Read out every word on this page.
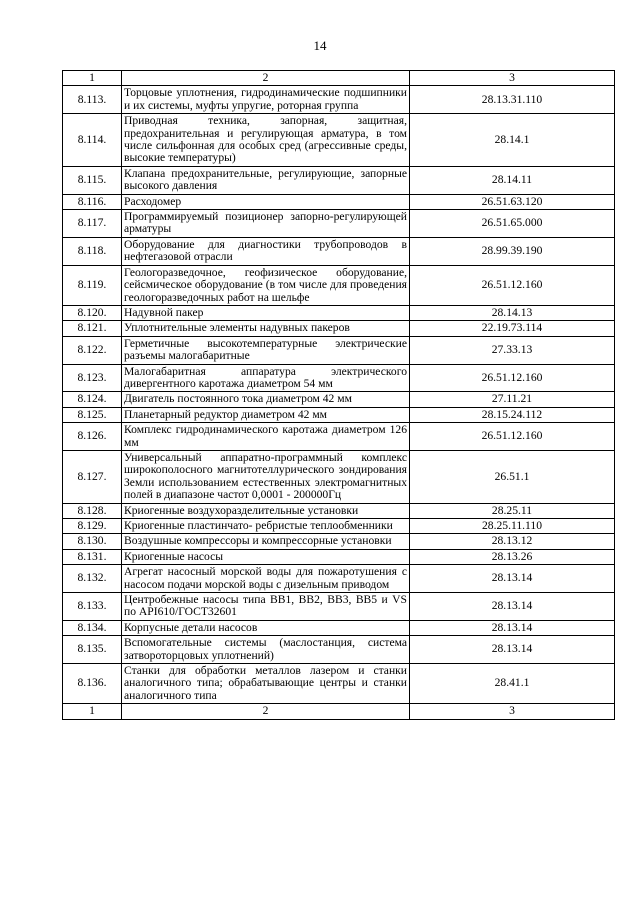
14
1	2	3
8.113.	Торцовые уплотнения, гидродинамические подшипники и их системы, муфты упругие, роторная группа	28.13.31.110
8.114.	Приводная техника, запорная, защитная, предохранительная и регулирующая арматура, в том числе сильфонная для особых сред (агрессивные среды, высокие температуры)	28.14.1
8.115.	Клапана предохранительные, регулирующие, запорные высокого давления	28.14.11
8.116.	Расходомер	26.51.63.120
8.117.	Программируемый позиционер запорно-регулирующей арматуры	26.51.65.000
8.118.	Оборудование для диагностики трубопроводов в нефтегазовой отрасли	28.99.39.190
8.119.	Геологоразведочное, геофизическое оборудование, сейсмическое оборудование (в том числе для проведения геологоразведочных работ на шельфе	26.51.12.160
8.120.	Надувной пакер	28.14.13
8.121.	Уплотнительные элементы надувных пакеров	22.19.73.114
8.122.	Герметичные высокотемпературные электрические разъемы малогабаритные	27.33.13
8.123.	Малогабаритная аппаратура электрического дивергентного каротажа диаметром 54 мм	26.51.12.160
8.124.	Двигатель постоянного тока диаметром 42 мм	27.11.21
8.125.	Планетарный редуктор диаметром 42 мм	28.15.24.112
8.126.	Комплекс гидродинамического каротажа диаметром 126 мм	26.51.12.160
8.127.	Универсальный аппаратно-программный комплекс широкополосного магнитотеллурического зондирования Земли использованием естественных электромагнитных полей в диапазоне частот 0,0001 - 200000Гц	26.51.1
8.128.	Криогенные воздухоразделительные установки	28.25.11
8.129.	Криогенные пластинчато- ребристые теплообменники	28.25.11.110
8.130.	Воздушные компрессоры и компрессорные установки	28.13.12
8.131.	Криогенные насосы	28.13.26
8.132.	Агрегат насосный морской воды для пожаротушения с насосом подачи морской воды с дизельным приводом	28.13.14
8.133.	Центробежные насосы типа BB1, BB2, BB3, BB5 и VS по API610/ГОСТ32601	28.13.14
8.134.	Корпусные детали насосов	28.13.14
8.135.	Вспомогательные системы (маслостанция, система затвороторцовых уплотнений)	28.13.14
8.136.	Станки для обработки металлов лазером и станки аналогичного типа; обрабатывающие центры и станки аналогичного типа	28.41.1
1	2	3
